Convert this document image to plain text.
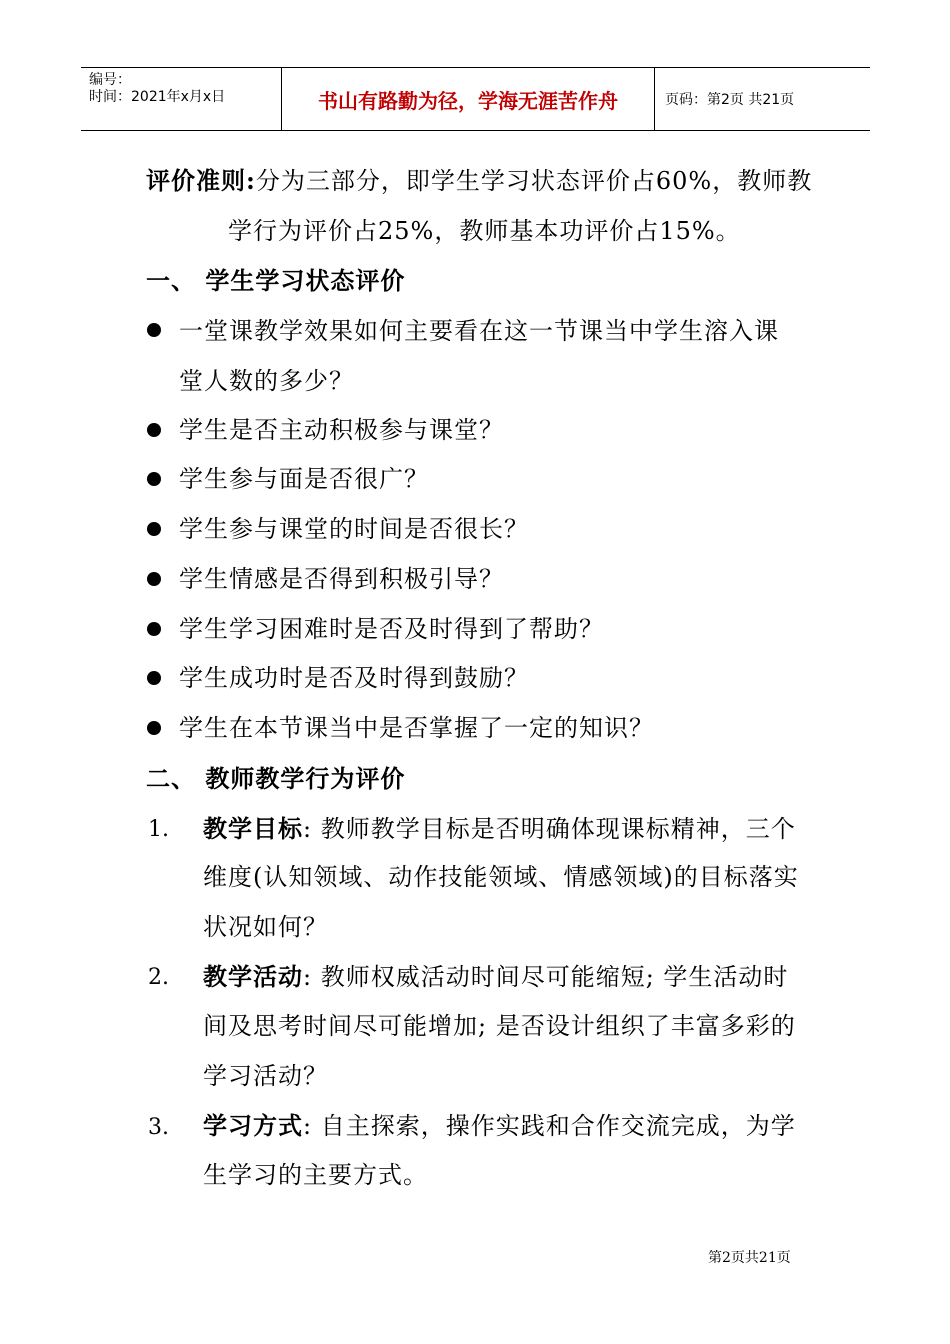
编号：
时间：2021年x月x日	书山有路勤为径，学海无涯苦作舟	页码：第2页 共21页
评价准则:分为三部分，即学生学习状态评价占60%，教师教
学行为评价占25%，教师基本功评价占15%。
一、 学生学习状态评价
一堂课教学效果如何主要看在这一节课当中学生溶入课
堂人数的多少？
学生是否主动积极参与课堂？
学生参与面是否很广？
学生参与课堂的时间是否很长？
学生情感是否得到积极引导？
学生学习困难时是否及时得到了帮助？
学生成功时是否及时得到鼓励？
学生在本节课当中是否掌握了一定的知识？
二、 教师教学行为评价
1. 教学目标: 教师教学目标是否明确体现课标精神，三个
维度(认知领域、动作技能领域、情感领域)的目标落实
状况如何？
2. 教学活动: 教师权威活动时间尽可能缩短; 学生活动时
间及思考时间尽可能增加; 是否设计组织了丰富多彩的
学习活动？
3. 学习方式: 自主探索，操作实践和合作交流完成，为学
生学习的主要方式。
第2页共21页
